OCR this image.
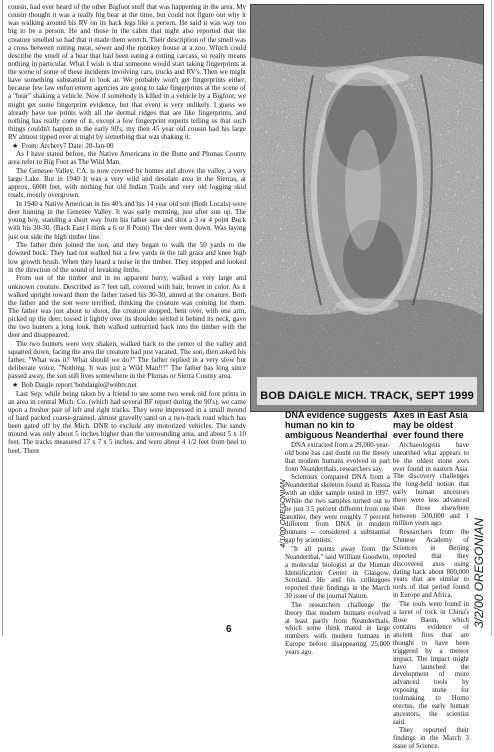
cousin, had ever heard of the other Bigfoot stuff that was happening in the area. My cousin thought it was a really big bear at the time, but could not figure out why it was walking around his RV on its back legs like a person. He said it was way too big to be a person. He and those in the cabin that night also reported that the creature smelled so bad that it made them wretch. Their description of the smell was a cross between rotting meat, sewer and the monkey house at a zoo. Which could describe the smell of a bear that had been eating a rotting carcass, so really means nothing in particular. What I wish is that someone would start taking fingerprints at the scene of some of these incidents involving cars, trucks and RV's. Then we might have something substantial to look at. We probably won't get fingerprints either, because few law enforcement agencies are going to take fingerprints at the scene of a "bear" shaking a vehicle. Now if somebody is killed in a vehicle by a Bigfoot, we might get some fingerprint evidence, but that event is very unlikely. I guess we already have toe prints with all the dermal ridges that are like fingerprints, and nothing has really come of it, except a few fingerprint experts telling us that such things couldn't happen in the early 90's, my then 45 year old cousin had his large RV almost tipped over at night by something that was shaking it.

★ From: Archery7 Date: 28-Jan-00

As I have stated before, the Native Americans in the Butte and Plumas County area refer to Big Foot as The Wild Man.

The Genesee Valley, CA. is now covered by homes and above the valley, a very large Lake. But in 1940 It was a very wild and desolate area in the Sierras, at approx. 6000 feet, with nothing but old Indian Trails and very old logging skid roads, mostly overgrown.

In 1940 a Native American in his 40's and his 14 year old son (Both Locals) were deer hunting in the Genesee Valley. It was early morning, just after sun up. The young boy, standing a short way from his father saw and shot a 3 or 4 point Buck with his 30-30. (Back East I think a 6 or 8 Point) The deer went down. Was laying just out side the high timber line.

The father then joined the son, and they began to walk the 50 yards to the downed buck. They had not walked but a few yards in the tall grass and knee high low growth brush. When they heard a noise in the timber. They stopped and looked in the direction of the sound of breaking limbs.

From out of the timber and in no apparent hurry, walked a very large and unknown creature. Described as 7 feet tall, covered with hair, brown in color. As it walked upright toward them the father raised his 30-30, aimed at the creature. Both the father and the son were terrified, thinking the creature was coming for them. The father was just about to shoot, the creature stopped, bent over, with one arm, picked up the deer, tossed it lightly over its shoulder settled it behind its neck, gave the two hunters a long look, then walked unhurried back into the timber with the deer and disappeared.

The two hunters were very shaken, walked back to the center of the valley and squatted down, facing the area the creature had just vacated. The son, then asked his father, "What was it? What should we do?" The father replied in a very slow but deliberate voice, "Nothing. It was just a Wild Man!!!" The father has long since passed away, the son still lives somewhere in the Plumas or Sierra County area.

★ Bob Daigle report.'bobdaigle@webtv.net

Last Sep, while being taken by a friend to see some two week old foot prints in an area in central Mich. Co. (which had several BF report during the 90's), we came upon a fresher pair of left and right tracks. They were impressed in a small mound of hard packed coarse-grained, almost gravelly sand on a two-track road which has been gated off by the Mich. DNR to exclude any motorized vehicles. The sandy mound was only about 5 inches higher than the surrounding area, and about 5 x 10 feet. The tracks measured 17 x 7 x 5 inches, and were about 4 1/2 feet from heel to heel. There

BOB DAIGLE MICH. TRACK, SEPT 1999
DNA evidence suggests human no kin to ambiguous Neanderthal

DNA extracted from a 29,000-year-old bone has cast doubt on the theory that modern humans evolved in part from Neanderthals, researchers say.

Scientists compared DNA from a Neanderthal skeleton found in Russia with an older sample tested in 1997. While the two samples turned out to be just 3.5 percent different from one another, they were roughly 7 percent different from DNA in modern humans -- considered a substantial gap by scientists.

"It all points away from the Neanderthal," said William Goodwin, a molecular biologist at the Human Identification Center in Glasgow, Scotland. He and his colleagues reported their findings in the March 30 issue of the journal Nature.

The researchers challenge the theory that modern humans evolved at least partly from Neanderthals, which some think mated in large numbers with modern humans in Europe before disappearing 25,000 years ago.

4/1/00 OREGONIAN
Axes in East Asia may be oldest ever found there

Archaeologists have unearthed what appears to be the oldest stone axes ever found in eastern Asia. The discovery challenges the long-held notion that early human ancestors there were less advanced than those elsewhere between 500,000 and 1 million years ago.

Researchers from the Chinese Academy of Sciences in Beijing reported that they discovered axes using dating back about 800,000 years that are similar to tools of that period found in Europe and Africa.

The tools were found in a layer of rock in China's Bose Basin, which contains evidence of ancient fires that are thought to have been triggered by a meteor impact. The impact might have launched the development of more advanced tools by exposing stone for toolmaking to Homo erectus, the early human ancestors, the scientist said.

They reported their findings in the March 3 issue of Science.

3/2/00 OREGONIAN
6
